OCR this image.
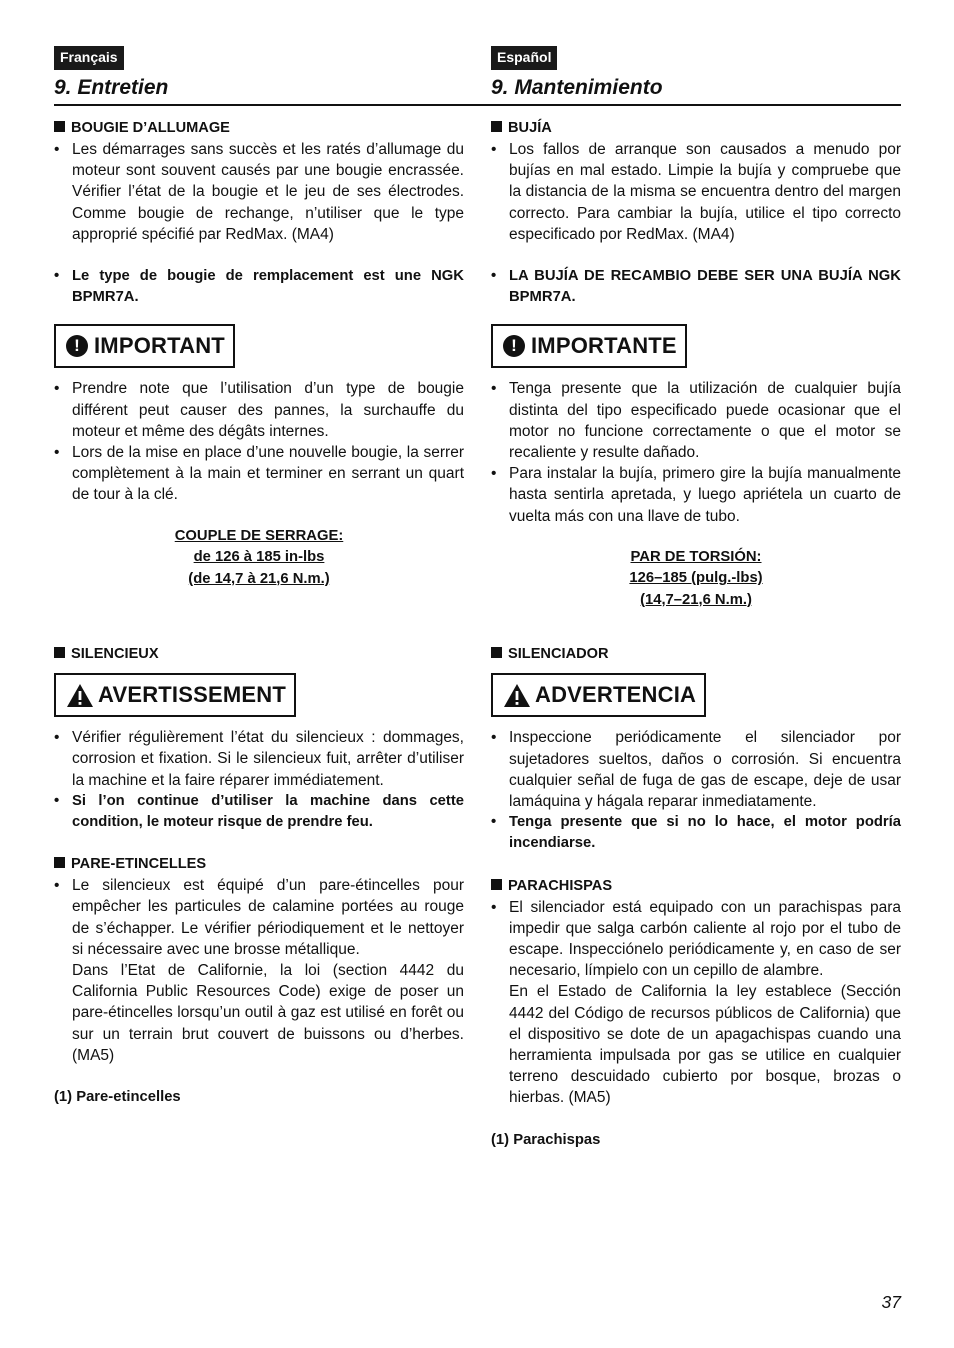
Français
9. Entretien
BOUGIE D’ALLUMAGE
• Les démarrages sans succès et les ratés d’allumage du moteur sont souvent causés par une bougie encrassée. Vérifier l’état de la bougie et le jeu de ses électrodes. Comme bougie de rechange, n’utiliser que le type approprié spécifié par RedMax. (MA4)
• Le type de bougie de remplacement est une NGK BPMR7A.
! IMPORTANT
• Prendre note que l’utilisation d’un type de bougie différent peut causer des pannes, la surchauffe du moteur et même des dégâts internes.
• Lors de la mise en place d’une nouvelle bougie, la serrer complètement à la main et terminer en serrant un quart de tour à la clé.
COUPLE DE SERRAGE:
de 126 à 185 in-lbs
(de 14,7 à 21,6 N.m.)
SILENCIEUX
AVERTISSEMENT
• Vérifier régulièrement l’état du silencieux : dommages, corrosion et fixation. Si le silencieux fuit, arrêter d’utiliser la machine et la faire réparer immédiatement.
• Si l’on continue d’utiliser la machine dans cette condition, le moteur risque de prendre feu.
PARE-ETINCELLES
• Le silencieux est équipé d’un pare-étincelles pour empêcher les particules de calamine portées au rouge de s’échapper. Le vérifier périodiquement et le nettoyer si nécessaire avec une brosse métallique.
Dans l’Etat de Californie, la loi (section 4442 du California Public Resources Code) exige de poser un pare-étincelles lorsqu’un outil à gaz est utilisé en forêt ou sur un terrain brut couvert de buissons ou d’herbes. (MA5)
(1) Pare-etincelles
Español
9. Mantenimiento
BUJÍA
• Los fallos de arranque son causados a menudo por bujías en mal estado. Limpie la bujía y compruebe que la distancia de la misma se encuentra dentro del margen correcto. Para cambiar la bujía, utilice el tipo correcto especificado por RedMax. (MA4)
• LA BUJÍA DE RECAMBIO DEBE SER UNA BUJÍA NGK BPMR7A.
! IMPORTANTE
• Tenga presente que la utilización de cualquier bujía distinta del tipo especificado puede ocasionar que el motor no funcione correctamente o que el motor se recaliente y resulte dañado.
• Para instalar la bujía, primero gire la bujía manualmente hasta sentirla apretada, y luego apriétela un cuarto de vuelta más con una llave de tubo.
PAR DE TORSIÓN:
126–185 (pulg.-lbs)
(14,7–21,6 N.m.)
SILENCIADOR
ADVERTENCIA
• Inspeccione periódicamente el silenciador por sujetadores sueltos, daños o corrosión. Si encuentra cualquier señal de fuga de gas de escape, deje de usar lamáquina y hágala reparar inmediatamente.
• Tenga presente que si no lo hace, el motor podría incendiarse.
PARACHISPAS
• El silenciador está equipado con un parachispas para impedir que salga carbón caliente al rojo por el tubo de escape. Inspecciónelo periódicamente y, en caso de ser necesario, límpielo con un cepillo de alambre.
En el Estado de California la ley establece (Sección 4442 del Código de recursos públicos de California) que el dispositivo se dote de un apagachispas cuando una herramienta impulsada por gas se utilice en cualquier terreno descuidado cubierto por bosque, brozas o hierbas. (MA5)
(1) Parachispas
37
